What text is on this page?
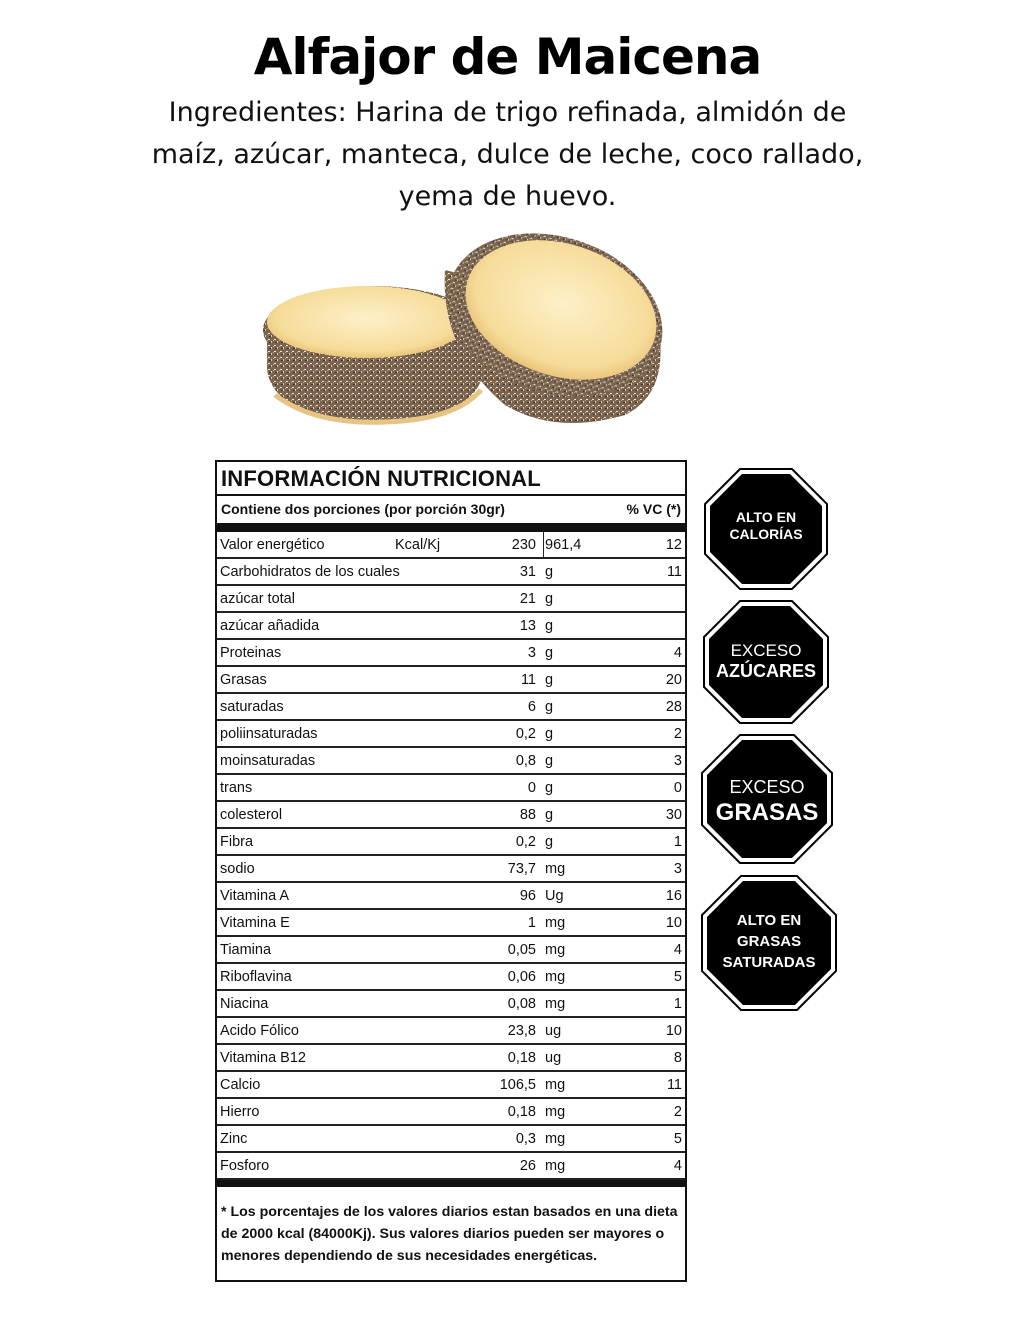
Alfajor de Maicena
Ingredientes: Harina de trigo refinada, almidón de maíz, azúcar, manteca, dulce de leche, coco rallado, yema de huevo.
INFORMACIÓN NUTRICIONAL
Contiene dos porciones (por porción 30gr)	% VC (*)
Valor energético	Kcal/Kj	230 961,4	12
Carbohidratos de los cuales	31 g	11
azúcar total	21 g
azúcar añadida	13 g
Proteinas	3 g	4
Grasas	11 g	20
saturadas	6 g	28
poliinsaturadas	0,2 g	2
moinsaturadas	0,8 g	3
trans	0 g	0
colesterol	88 g	30
Fibra	0,2 g	1
sodio	73,7 mg	3
Vitamina A	96 Ug	16
Vitamina E	1 mg	10
Tiamina	0,05 mg	4
Riboflavina	0,06 mg	5
Niacina	0,08 mg	1
Acido Fólico	23,8 ug	10
Vitamina B12	0,18 ug	8
Calcio	106,5 mg	11
Hierro	0,18 mg	2
Zinc	0,3 mg	5
Fosforo	26 mg	4
* Los porcentajes de los valores diarios estan basados en una dieta de 2000 kcal (84000Kj). Sus valores diarios pueden ser mayores o menores dependiendo de sus necesidades energéticas.
ALTO EN
CALORÍAS
EXCESO
AZÚCARES
EXCESO
GRASAS
ALTO EN
GRASAS
SATURADAS
